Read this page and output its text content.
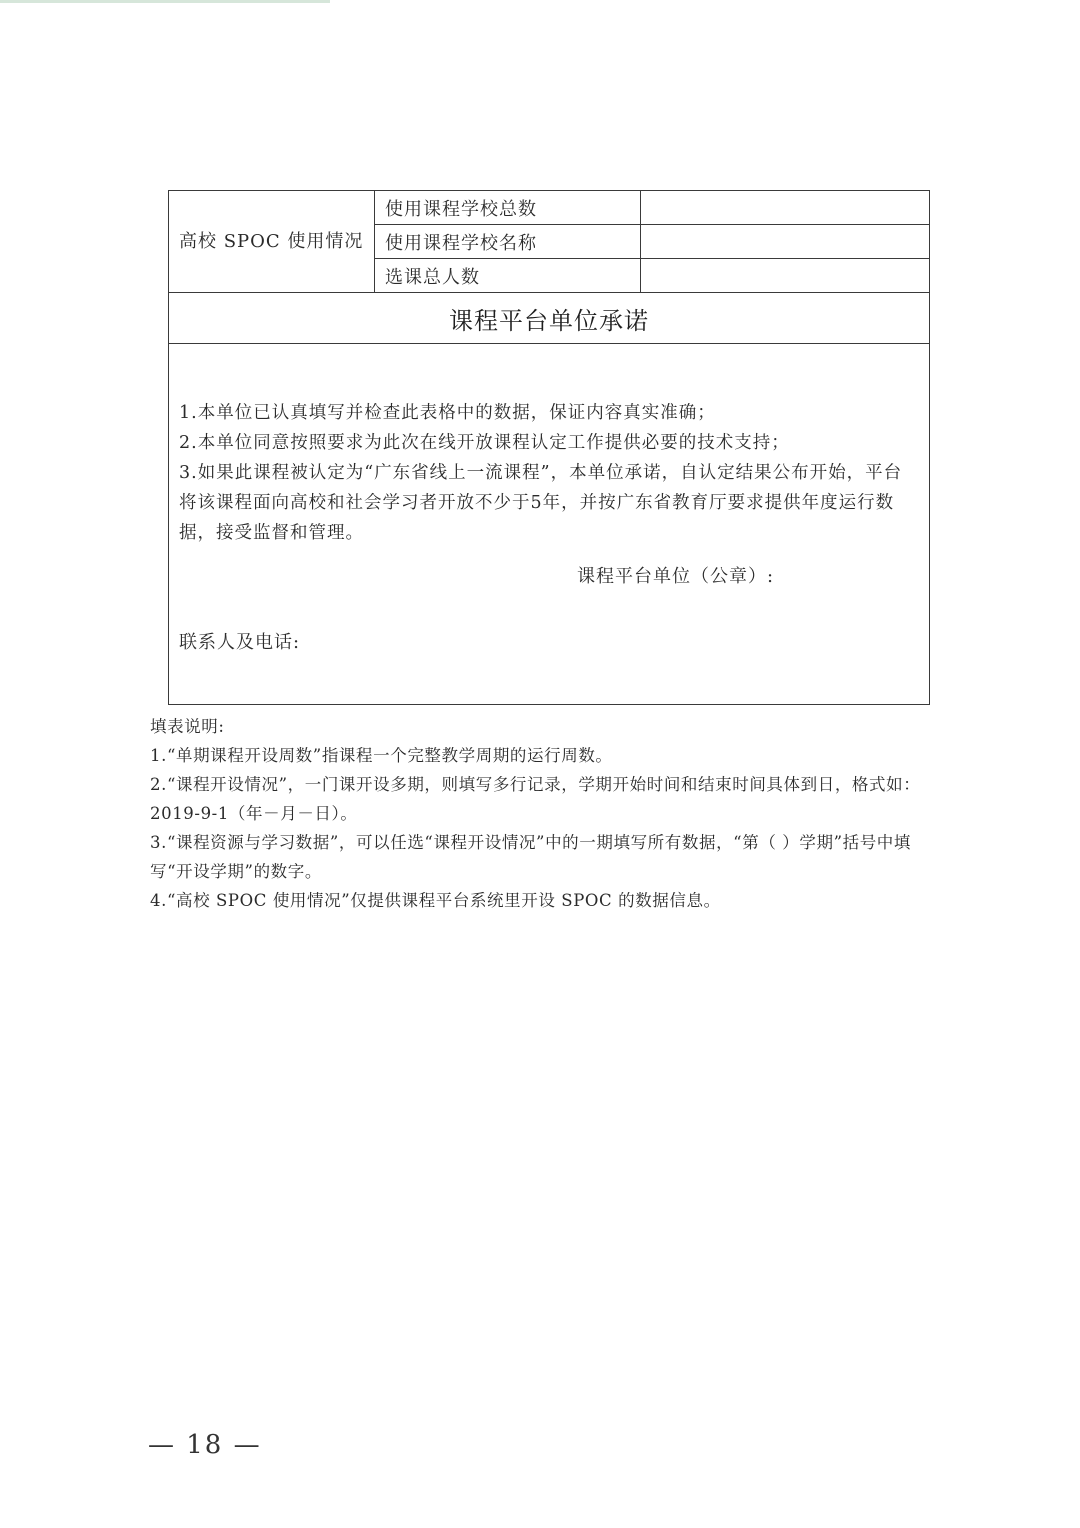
高校 SPOC 使用情况	使用课程学校总数	
	使用课程学校名称	
	选课总人数	
课程平台单位承诺		

1.本单位已认真填写并检查此表格中的数据，保证内容真实准确；

2.本单位同意按照要求为此次在线开放课程认定工作提供必要的技术支持；

3.如果此课程被认定为“广东省线上一流课程”，本单位承诺，自认定结果公布开始，平台将该课程面向高校和社会学习者开放不少于5年，并按广东省教育厅要求提供年度运行数据，接受监督和管理。

课程平台单位（公章）:
联系人及电话:		

填表说明:

1.“单期课程开设周数”指课程一个完整教学周期的运行周数。

2.“课程开设情况”，一门课开设多期，则填写多行记录，学期开始时间和结束时间具体到日，格式如：2019-9-1（年－月－日）。

3.“课程资源与学习数据”，可以任选“课程开设情况”中的一期填写所有数据，“第（ ）学期”括号中填写“开设学期”的数字。

4.“高校 SPOC 使用情况”仅提供课程平台系统里开设 SPOC 的数据信息。

— 18 —
